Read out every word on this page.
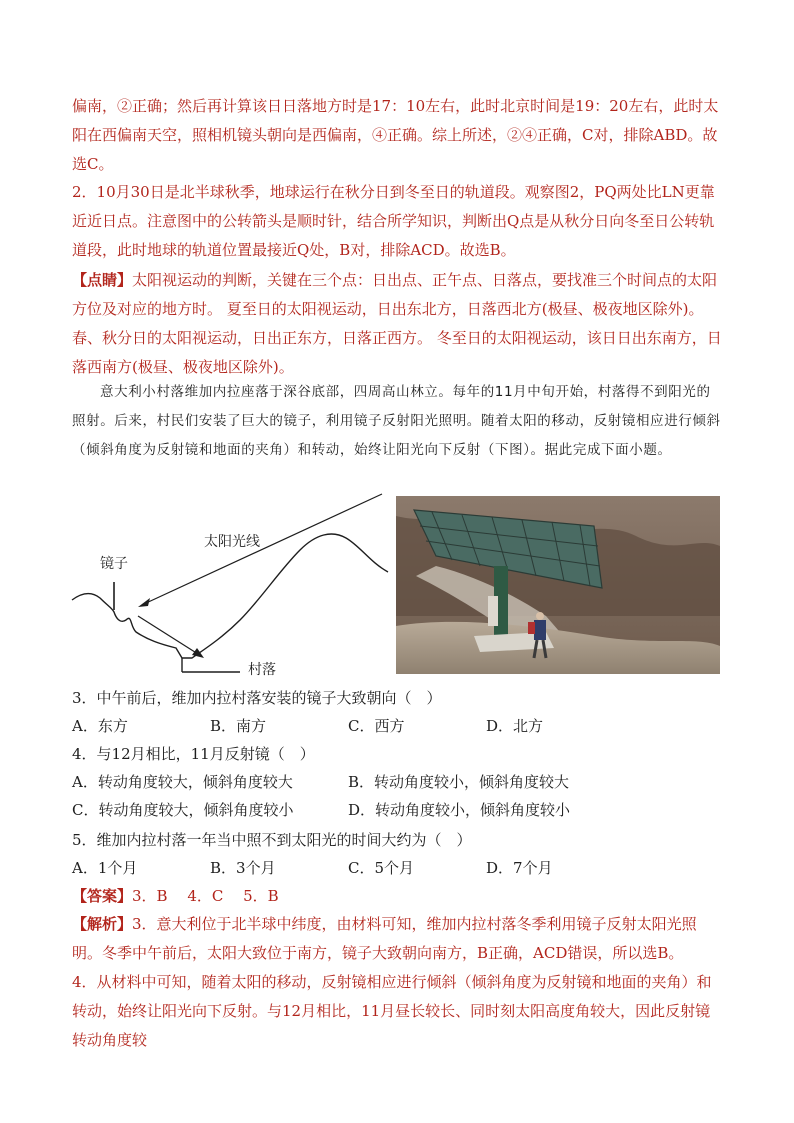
偏南，②正确；然后再计算该日日落地方时是17：10左右，此时北京时间是19：20左右，此时太阳在西偏南天空，照相机镜头朝向是西偏南，④正确。综上所述，②④正确，C对，排除ABD。故选C。

2．10月30日是北半球秋季，地球运行在秋分日到冬至日的轨道段。观察图2，PQ两处比LN更靠近近日点。注意图中的公转箭头是顺时针，结合所学知识，判断出Q点是从秋分日向冬至日公转轨道段，此时地球的轨道位置最接近Q处，B对，排除ACD。故选B。

【点睛】太阳视运动的判断，关键在三个点：日出点、正午点、日落点，要找准三个时间点的太阳方位及对应的地方时。 夏至日的太阳视运动，日出东北方，日落西北方(极昼、极夜地区除外)。 春、秋分日的太阳视运动，日出正东方，日落正西方。 冬至日的太阳视运动，该日日出东南方，日落西南方(极昼、极夜地区除外)。

意大利小村落维加内拉座落于深谷底部，四周高山林立。每年的11月中旬开始，村落得不到阳光的照射。后来，村民们安装了巨大的镜子，利用镜子反射阳光照明。随着太阳的移动，反射镜相应进行倾斜（倾斜角度为反射镜和地面的夹角）和转动，始终让阳光向下反射（下图）。据此完成下面小题。

太阳光线
镜子
村落

3．中午前后，维加内拉村落安装的镜子大致朝向（　）

A．东方	B．南方	C．西方	D．北方

4．与12月相比，11月反射镜（　）

A．转动角度较大，倾斜角度较大	B．转动角度较小，倾斜角度较大
C．转动角度较大，倾斜角度较小	D．转动角度较小，倾斜角度较小

5．维加内拉村落一年当中照不到太阳光的时间大约为（　）

A．1个月	B．3个月	C．5个月	D．7个月

【答案】3．B　 4．C　 5．B

【解析】3．意大利位于北半球中纬度，由材料可知，维加内拉村落冬季利用镜子反射太阳光照明。冬季中午前后，太阳大致位于南方，镜子大致朝向南方，B正确，ACD错误，所以选B。

4．从材料中可知，随着太阳的移动，反射镜相应进行倾斜（倾斜角度为反射镜和地面的夹角）和转动，始终让阳光向下反射。与12月相比，11月昼长较长、同时刻太阳高度角较大，因此反射镜转动角度较
